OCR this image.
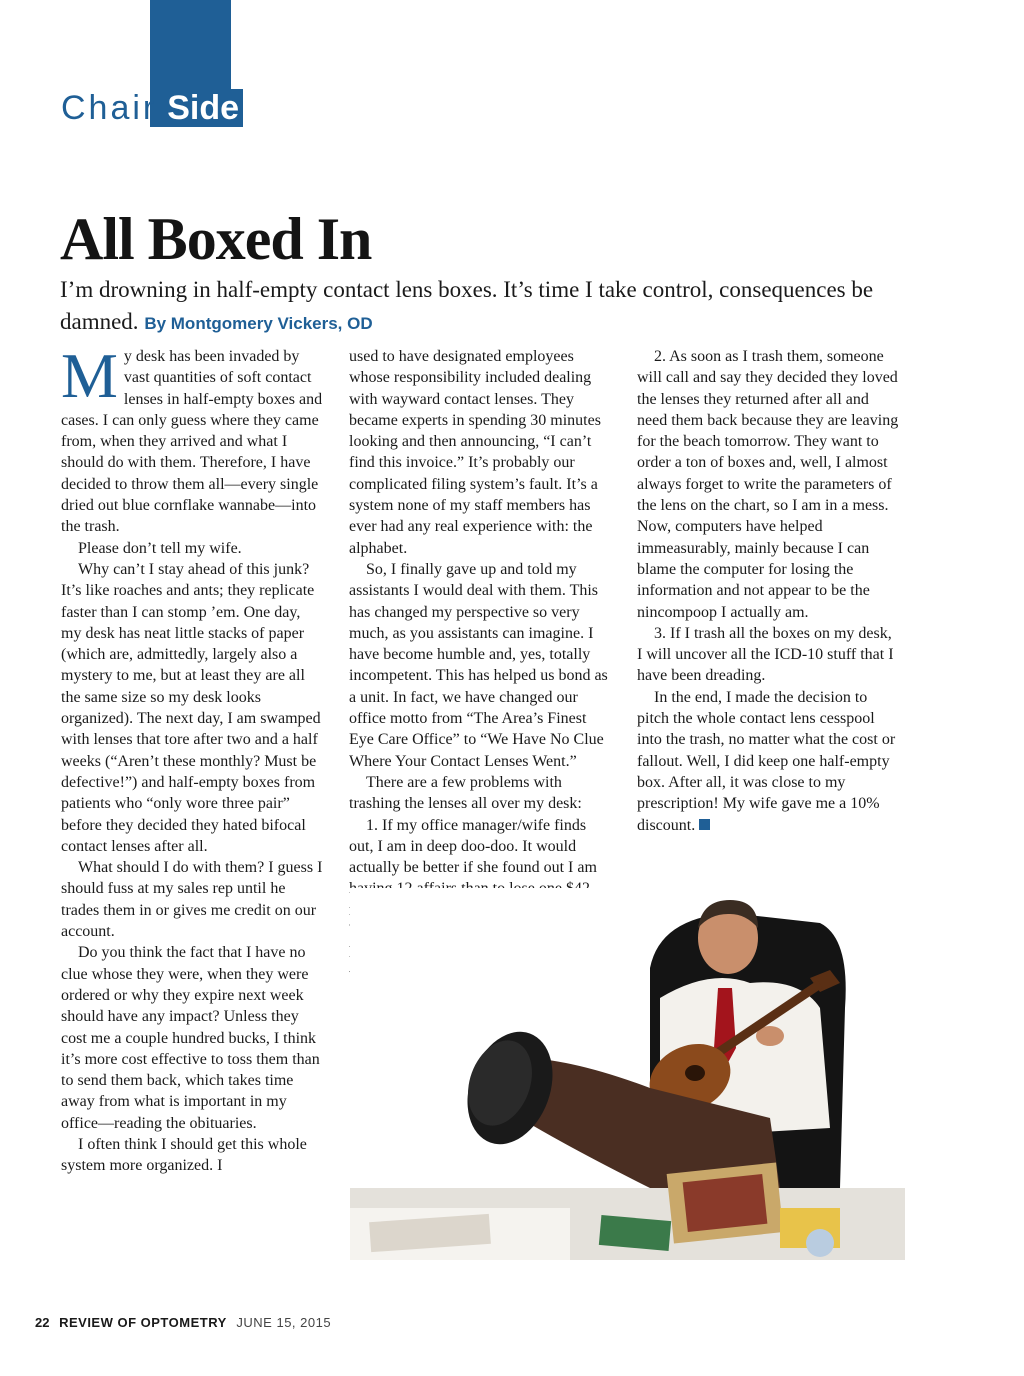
Chair Side
All Boxed In
I’m drowning in half-empty contact lens boxes. It’s time I take control, consequences be damned. By Montgomery Vickers, OD

My desk has been invaded by vast quantities of soft contact lenses in half-empty boxes and cases. I can only guess where they came from, when they arrived and what I should do with them. Therefore, I have decided to throw them all—every single dried out blue cornflake wannabe—into the trash.

Please don’t tell my wife.

Why can’t I stay ahead of this junk? It’s like roaches and ants; they replicate faster than I can stomp ’em. One day, my desk has neat little stacks of paper (which are, admittedly, largely also a mystery to me, but at least they are all the same size so my desk looks organized). The next day, I am swamped with lenses that tore after two and a half weeks (“Aren’t these monthly? Must be defective!”) and half-empty boxes from patients who “only wore three pair” before they decided they hated bifocal contact lenses after all.

What should I do with them? I guess I should fuss at my sales rep until he trades them in or gives me credit on our account.

Do you think the fact that I have no clue whose they were, when they were ordered or why they expire next week should have any impact? Unless they cost me a couple hundred bucks, I think it’s more cost effective to toss them than to send them back, which takes time away from what is important in my office—reading the obituaries.

I often think I should get this whole system more organized. I

used to have designated employees whose responsibility included dealing with wayward contact lenses. They became experts in spending 30 minutes looking and then announcing, “I can’t find this invoice.” It’s probably our complicated filing system’s fault. It’s a system none of my staff members has ever had any real experience with: the alphabet.

So, I finally gave up and told my assistants I would deal with them. This has changed my perspective so very much, as you assistants can imagine. I have become humble and, yes, totally incompetent. This has helped us bond as a unit. In fact, we have changed our office motto from “The Area’s Finest Eye Care Office” to “We Have No Clue Where Your Contact Lenses Went.”

There are a few problems with trashing the lenses all over my desk:

1. If my office manager/wife finds out, I am in deep doo-doo. It would actually be better if she found out I am

2. As soon as I trash them, someone will call and say they decided they loved the lenses they returned after all and need them back because they are leaving for the beach tomorrow. They want to order a ton of boxes and, well, I almost always forget to write the parameters of the lens on the chart, so I am in a mess. Now, computers have helped immeasurably, mainly because I can blame the computer for losing the information and not appear to be the nincompoop I actually am.

3. If I trash all the boxes on my desk, I will uncover all the ICD-10 stuff that I have been dreading.

In the end, I made the decision to pitch the whole contact lens cesspool into the trash, no matter what the cost or fallout. Well, I did keep one half-empty box. After all, it was close to my prescription! My wife gave me a 10% discount.

22 REVIEW OF OPTOMETRY JUNE 15, 2015
